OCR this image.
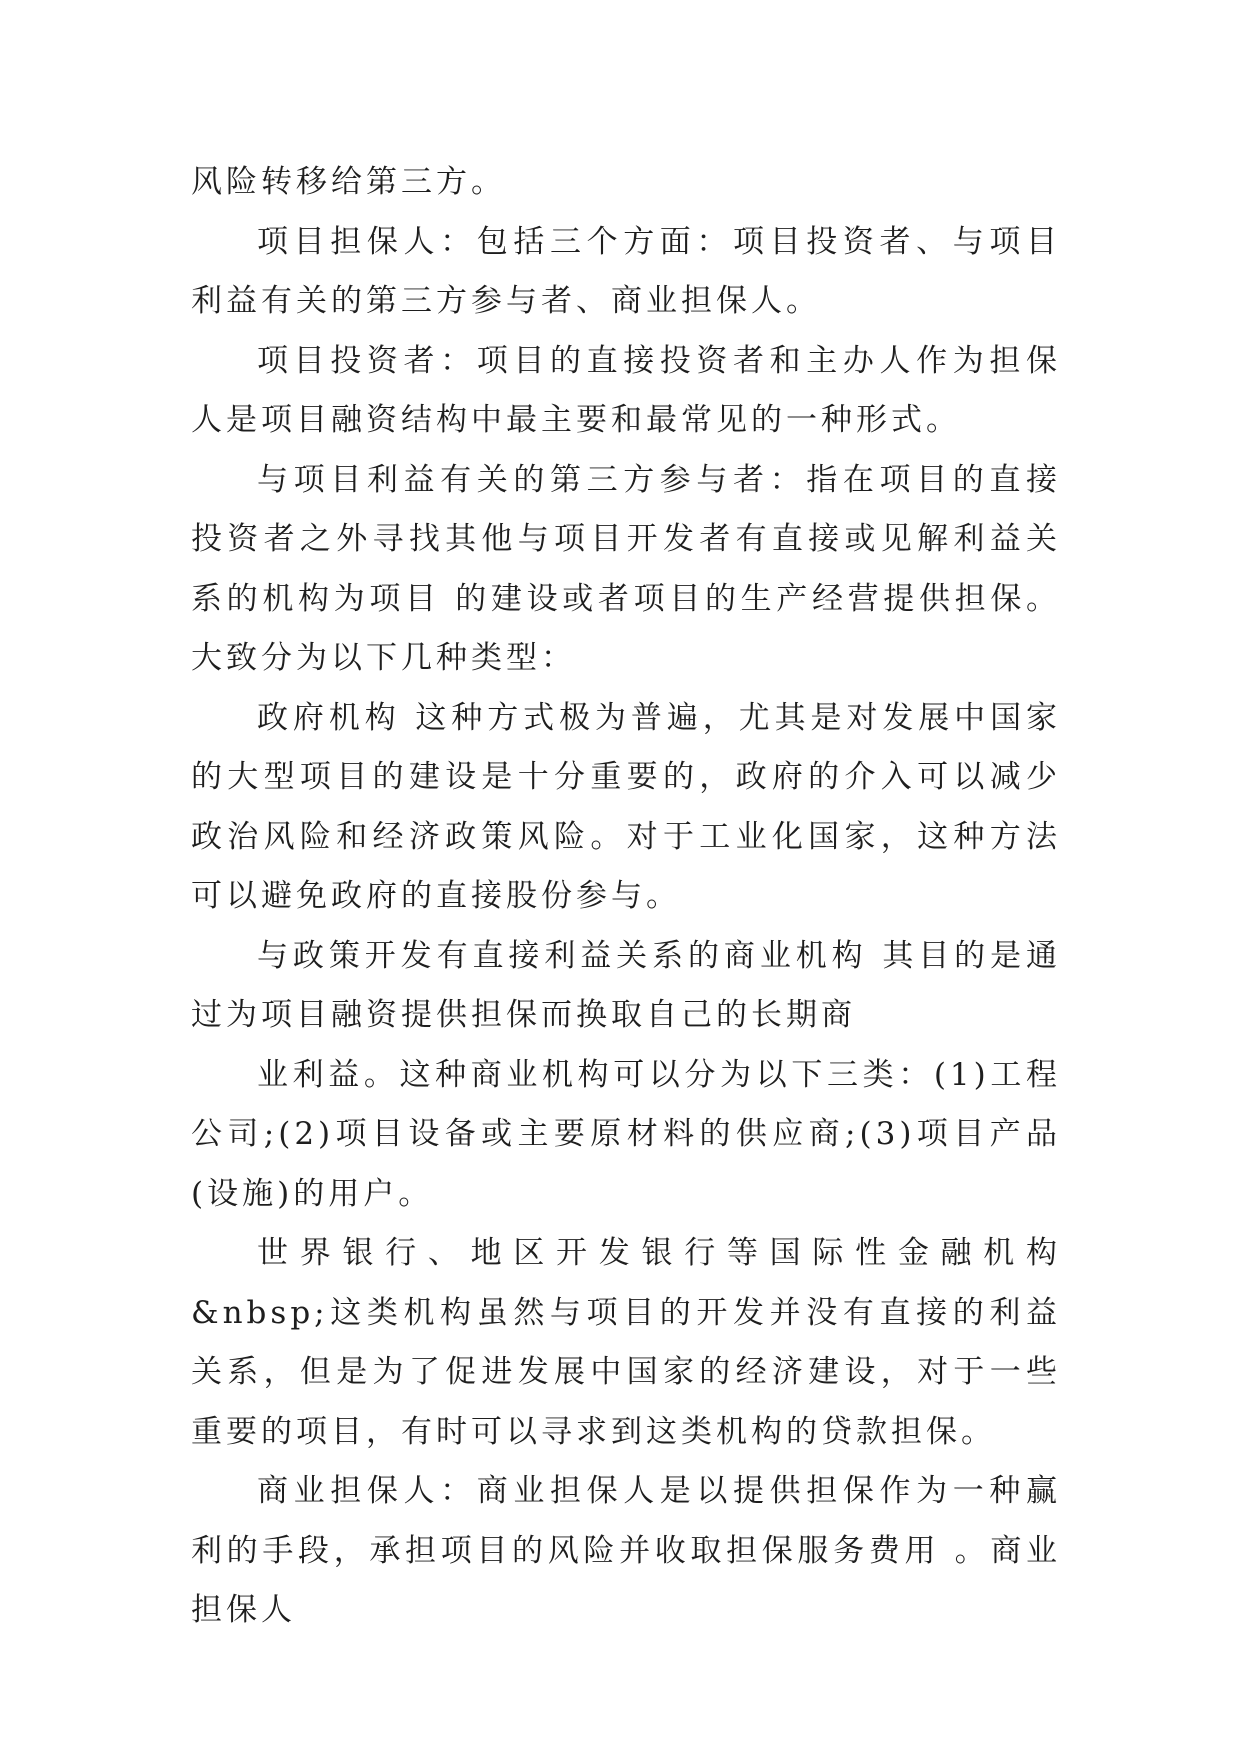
风险转移给第三方。

项目担保人：包括三个方面：项目投资者、与项目利益有关的第三方参与者、商业担保人。

项目投资者：项目的直接投资者和主办人作为担保人是项目融资结构中最主要和最常见的一种形式。

与项目利益有关的第三方参与者：指在项目的直接投资者之外寻找其他与项目开发者有直接或见解利益关系的机构为项目 的建设或者项目的生产经营提供担保。大致分为以下几种类型：

政府机构 这种方式极为普遍，尤其是对发展中国家的大型项目的建设是十分重要的，政府的介入可以减少政治风险和经济政策风险。对于工业化国家，这种方法可以避免政府的直接股份参与。

与政策开发有直接利益关系的商业机构 其目的是通过为项目融资提供担保而换取自己的长期商

业利益。这种商业机构可以分为以下三类：(1)工程公司;(2)项目设备或主要原材料的供应商;(3)项目产品(设施)的用户。

世界银行、地区开发银行等国际性金融机构 &nbsp;这类机构虽然与项目的开发并没有直接的利益关系，但是为了促进发展中国家的经济建设，对于一些重要的项目，有时可以寻求到这类机构的贷款担保。

商业担保人：商业担保人是以提供担保作为一种赢利的手段，承担项目的风险并收取担保服务费用 。商业担保人
